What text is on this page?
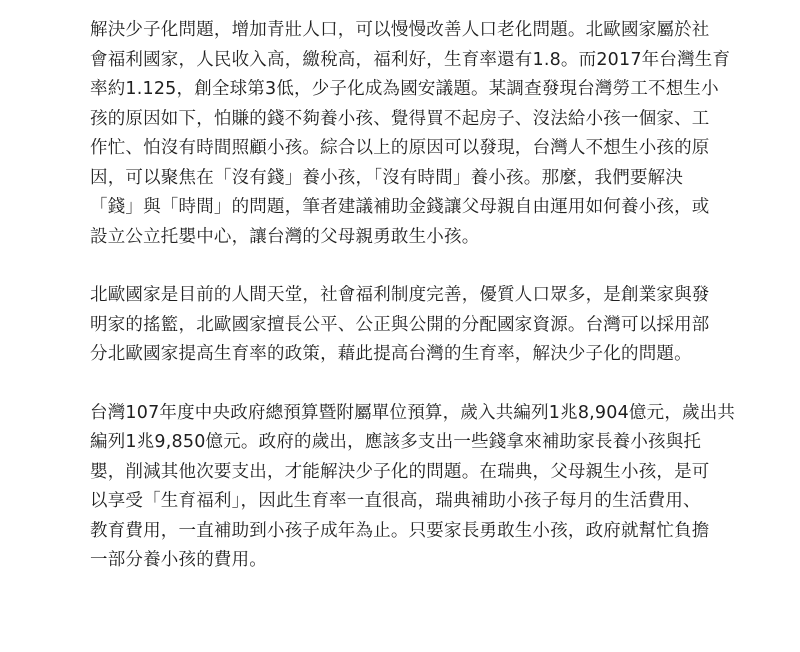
解決少子化問題，增加青壯人口，可以慢慢改善人口老化問題。北歐國家屬於社
會福利國家，人民收入高，繳稅高，福利好，生育率還有1.8。而2017年台灣生育
率約1.125，創全球第3低，少子化成為國安議題。某調查發現台灣勞工不想生小
孩的原因如下，怕賺的錢不夠養小孩、覺得買不起房子、沒法給小孩一個家、工
作忙、怕沒有時間照顧小孩。綜合以上的原因可以發現，台灣人不想生小孩的原
因，可以聚焦在「沒有錢」養小孩，「沒有時間」養小孩。那麼，我們要解決
「錢」與「時間」的問題，筆者建議補助金錢讓父母親自由運用如何養小孩，或
設立公立托嬰中心，讓台灣的父母親勇敢生小孩。

北歐國家是目前的人間天堂，社會福利制度完善，優質人口眾多，是創業家與發
明家的搖籃，北歐國家擅長公平、公正與公開的分配國家資源。台灣可以採用部
分北歐國家提高生育率的政策，藉此提高台灣的生育率，解決少子化的問題。

台灣107年度中央政府總預算暨附屬單位預算，歲入共編列1兆8,904億元，歲出共
編列1兆9,850億元。政府的歲出，應該多支出一些錢拿來補助家長養小孩與托
嬰，削減其他次要支出，才能解決少子化的問題。在瑞典，父母親生小孩，是可
以享受「生育福利」，因此生育率一直很高，瑞典補助小孩子每月的生活費用、
教育費用，一直補助到小孩子成年為止。只要家長勇敢生小孩，政府就幫忙負擔
一部分養小孩的費用。
